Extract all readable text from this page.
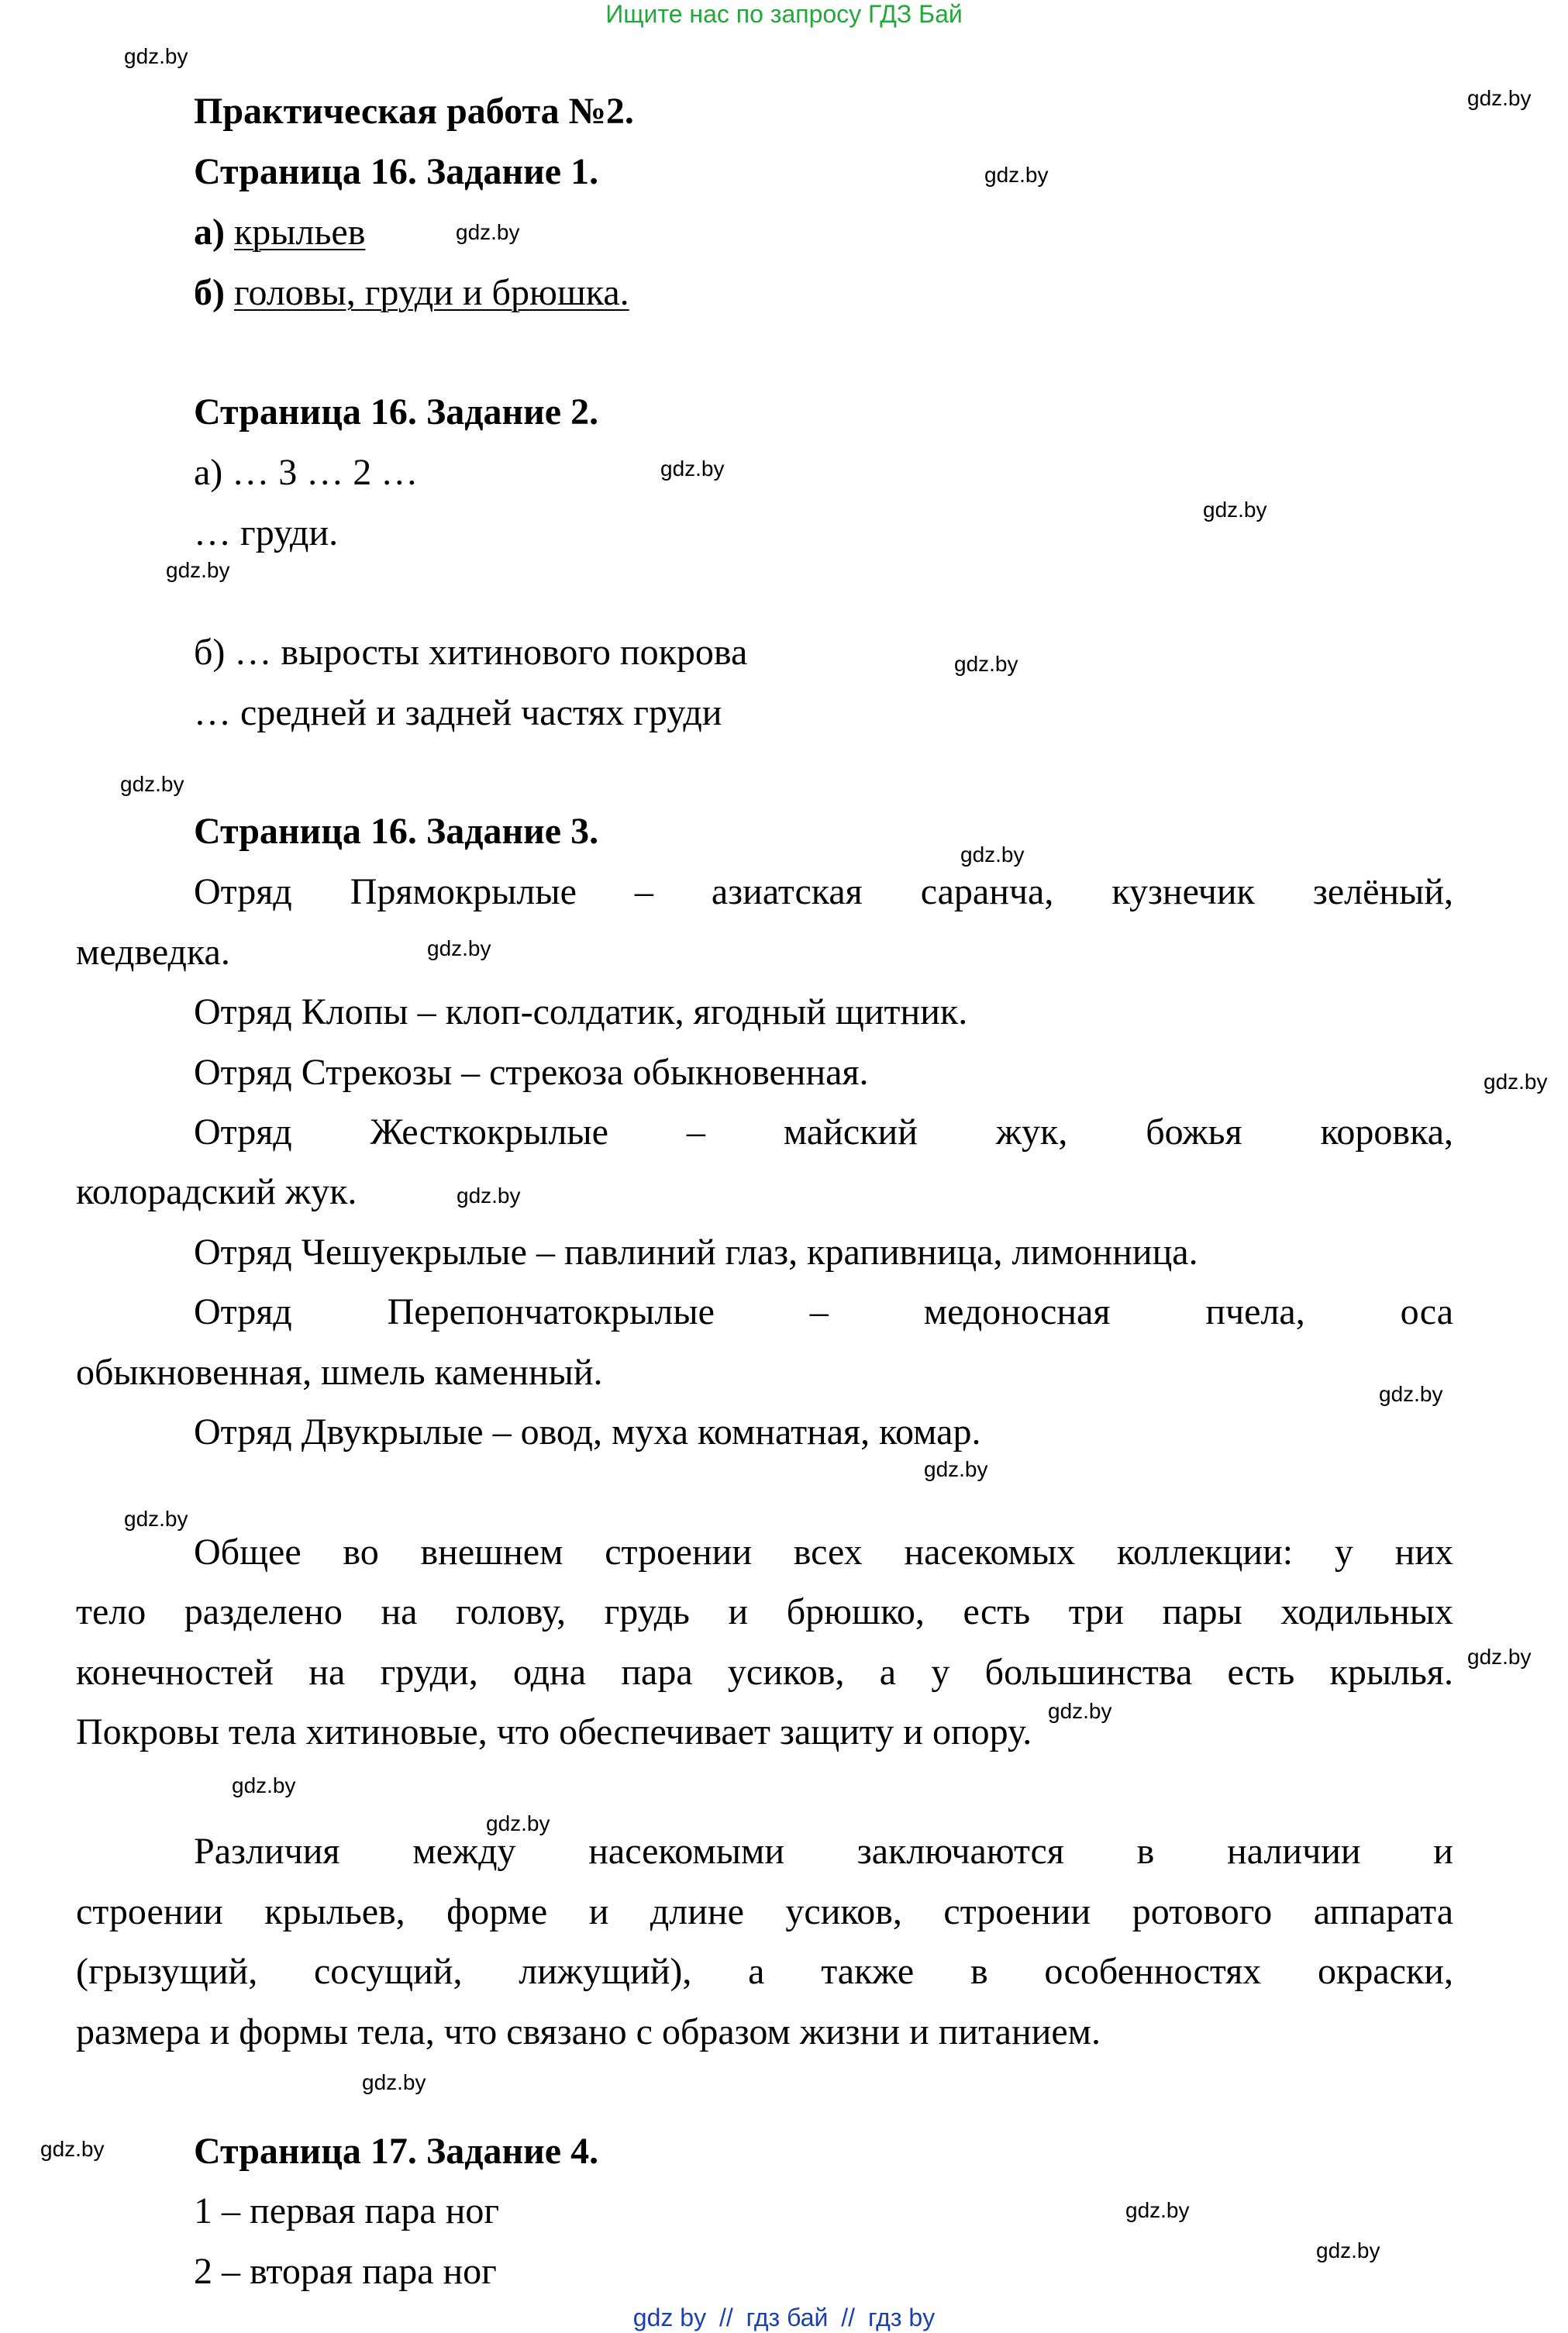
Ищите нас по запросу ГДЗ Бай
Практическая работа №2.
Страница 16. Задание 1.
а) крыльев
б) головы, груди и брюшка.
Страница 16. Задание 2.
а) … 3 … 2 …
… груди.
б) … выросты хитинового покрова
… средней и задней частях груди
Страница 16. Задание 3.
Отряд Прямокрылые – азиатская саранча, кузнечик зелёный,
медведка.
Отряд Клопы – клоп-солдатик, ягодный щитник.
Отряд Стрекозы – стрекоза обыкновенная.
Отряд Жесткокрылые – майский жук, божья коровка,
колорадский жук.
Отряд Чешуекрылые – павлиний глаз, крапивница, лимонница.
Отряд Перепончатокрылые – медоносная пчела, оса
обыкновенная, шмель каменный.
Отряд Двукрылые – овод, муха комнатная, комар.
Общее во внешнем строении всех насекомых коллекции: у них
тело разделено на голову, грудь и брюшко, есть три пары ходильных
конечностей на груди, одна пара усиков, а у большинства есть крылья.
Покровы тела хитиновые, что обеспечивает защиту и опору.
Различия между насекомыми заключаются в наличии и
строении крыльев, форме и длине усиков, строении ротового аппарата
(грызущий, сосущий, лижущий), а также в особенностях окраски,
размера и формы тела, что связано с образом жизни и питанием.
Страница 17. Задание 4.
1 – первая пара ног
2 – вторая пара ног
gdz.by
gdz.by
gdz.by
gdz.by
gdz.by
gdz.by
gdz.by
gdz.by
gdz.by
gdz.by
gdz.by
gdz.by
gdz.by
gdz.by
gdz.by
gdz.by
gdz.by
gdz.by
gdz.by
gdz.by
gdz.by
gdz.by
gdz.by
gdz.by
gdz by // гдз бай // гдз by
